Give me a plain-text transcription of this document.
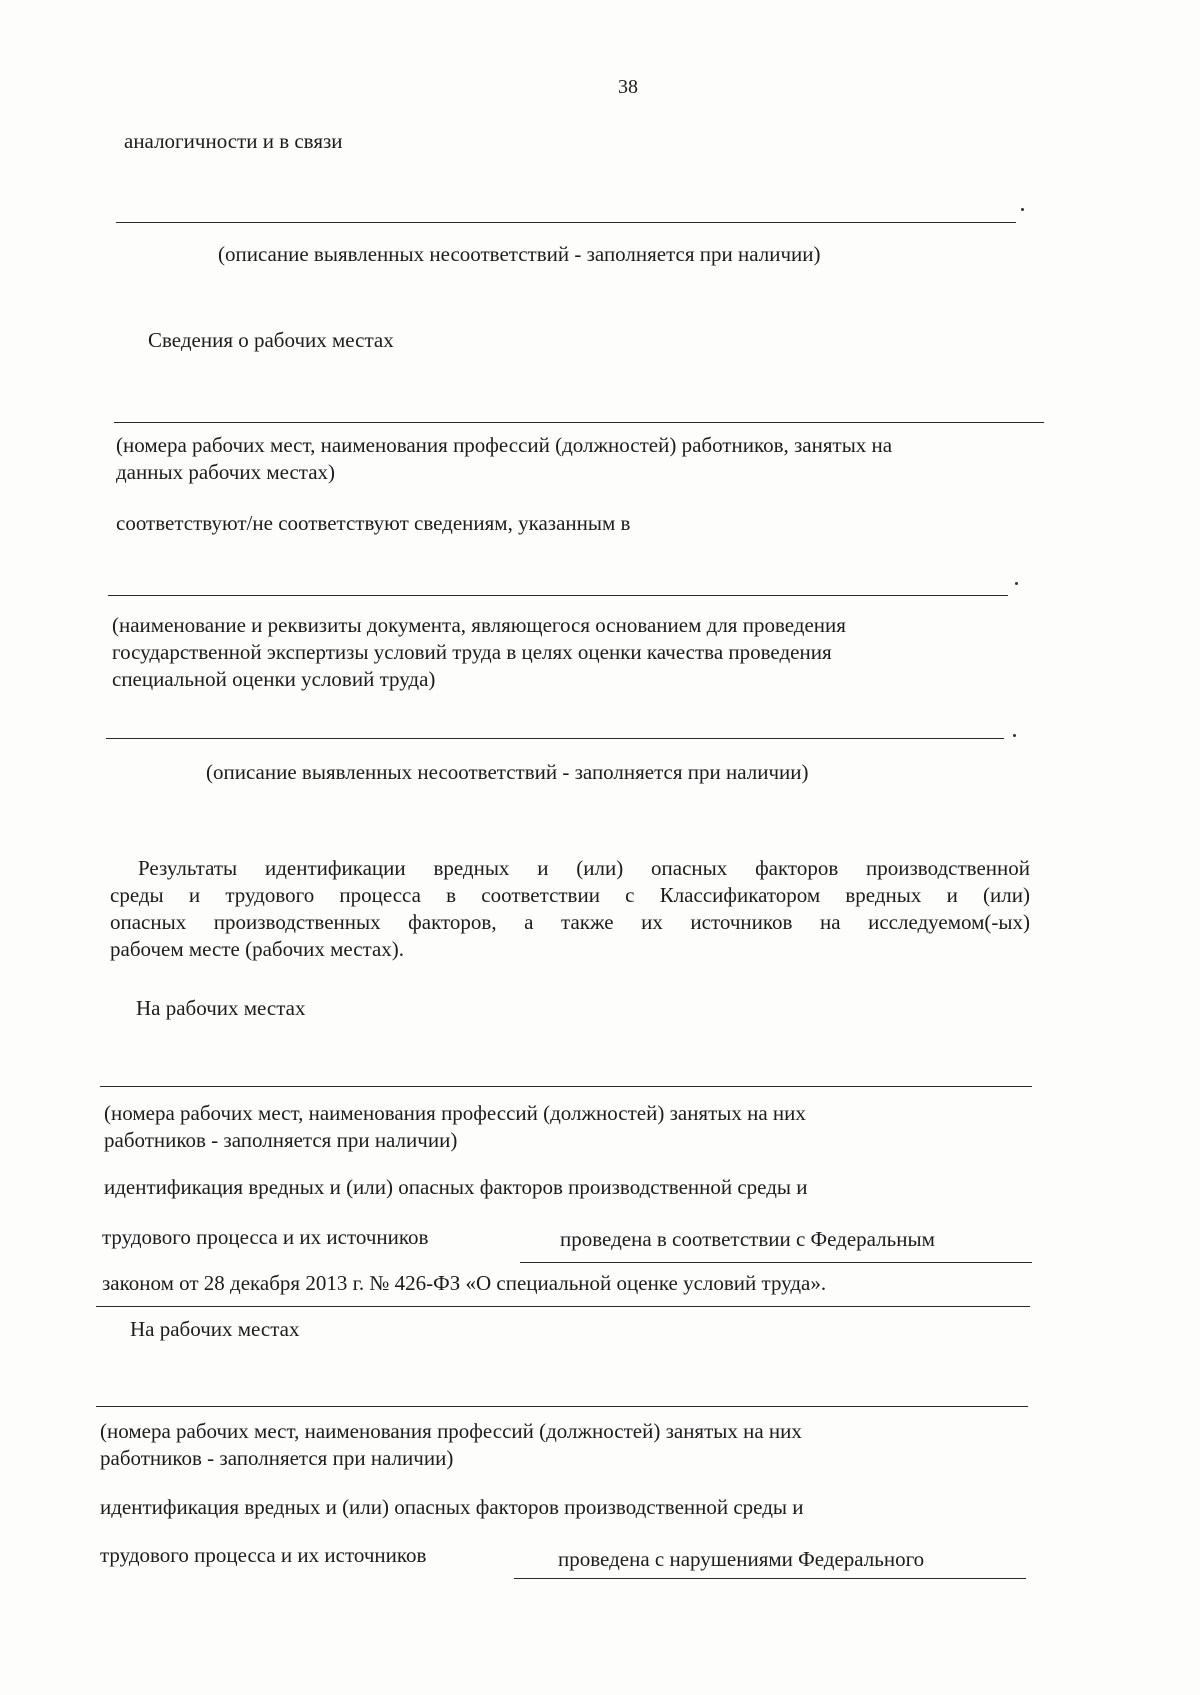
38
аналогичности и в связи
(описание выявленных несоответствий - заполняется при наличии)
Сведения о рабочих местах
(номера рабочих мест, наименования профессий (должностей) работников, занятых на
данных рабочих местах)
соответствуют/не соответствуют сведениям, указанным в
(наименование и реквизиты документа, являющегося основанием для проведения
государственной экспертизы условий труда в целях оценки качества проведения
специальной оценки условий труда)
(описание выявленных несоответствий - заполняется при наличии)
Результаты идентификации вредных и (или) опасных факторов производственной
среды и трудового процесса в соответствии с Классификатором вредных и (или)
опасных производственных факторов, а также их источников на исследуемом(-ых)
рабочем месте (рабочих местах).
На рабочих местах
(номера рабочих мест, наименования профессий (должностей) занятых на них
работников - заполняется при наличии)
идентификация вредных и (или) опасных факторов производственной среды и
трудового процесса и их источников	проведена в соответствии с Федеральным
законом от 28 декабря 2013 г. № 426-ФЗ «О специальной оценке условий труда».
На рабочих местах
(номера рабочих мест, наименования профессий (должностей) занятых на них
работников - заполняется при наличии)
идентификация вредных и (или) опасных факторов производственной среды и
трудового процесса и их источников	проведена с нарушениями Федерального
